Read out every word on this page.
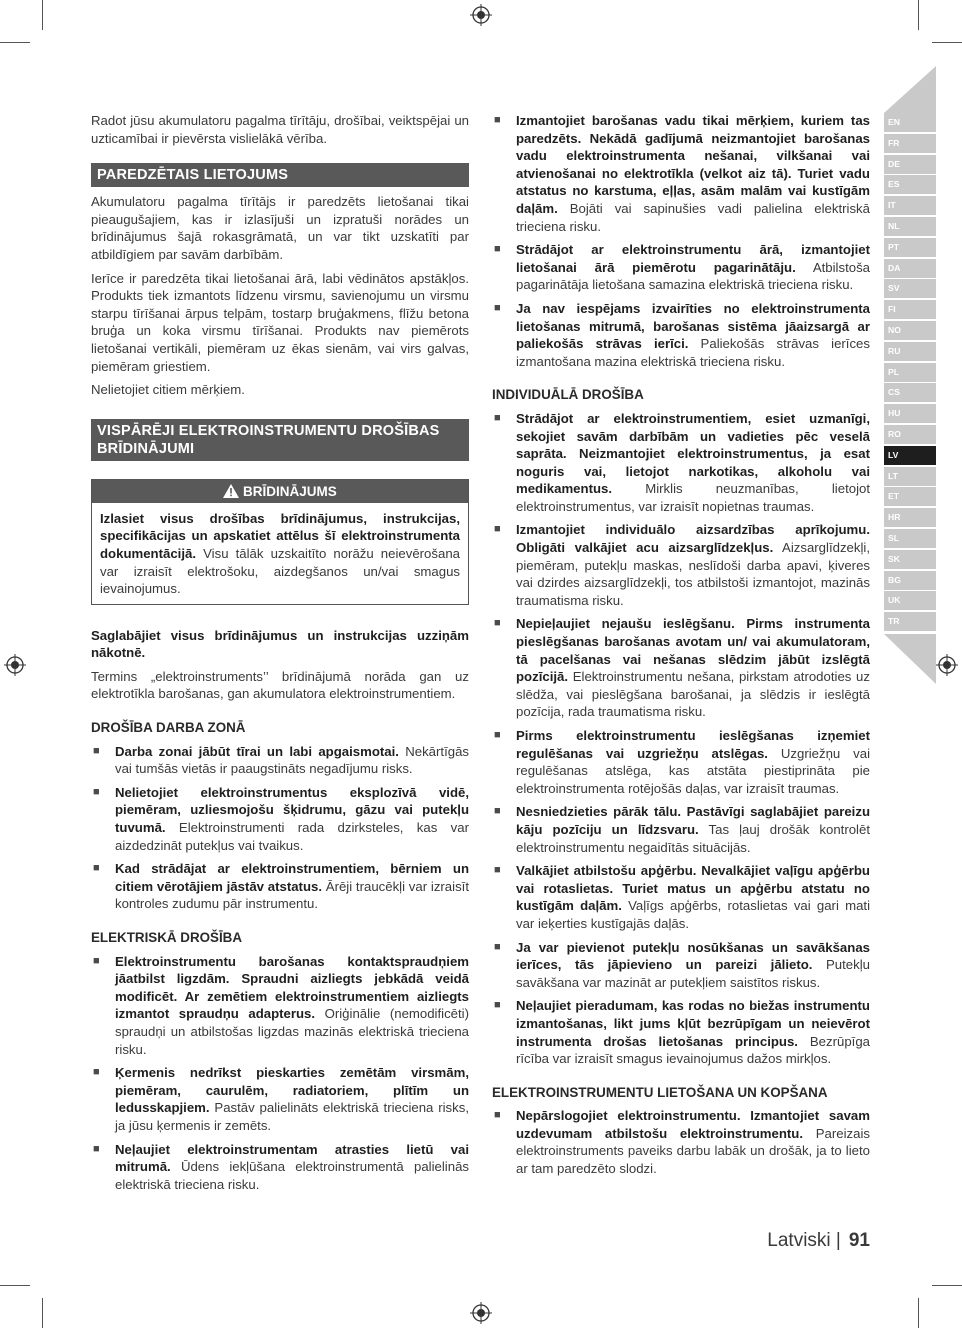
EN
FR
DE
ES
IT
NL
PT
DA
SV
FI
NO
RU
PL
CS
HU
RO
LV
LT
ET
HR
SL
SK
BG
UK
TR

Radot jūsu akumulatoru pagalma tīrītāju, drošībai, veiktspējai un uzticamībai ir pievērsta vislielākā vērība.

PAREDZĒTAIS LIETOJUMS

Akumulatoru pagalma tīrītājs ir paredzēts lietošanai tikai pieaugušajiem, kas ir izlasījuši un izpratuši norādes un brīdinājumus šajā rokasgrāmatā, un var tikt uzskatīti par atbildīgiem par savām darbībām.

Ierīce ir paredzēta tikai lietošanai ārā, labi vēdinātos apstākļos. Produkts tiek izmantots līdzenu virsmu, savienojumu un virsmu starpu tīrīšanai ārpus telpām, tostarp bruģakmens, flīžu betona bruģa un koka virsmu tīrīšanai. Produkts nav piemērots lietošanai vertikāli, piemēram uz ēkas sienām, vai virs galvas, piemēram griestiem.

Nelietojiet citiem mērķiem.

VISPĀRĒJI ELEKTROINSTRUMENTU DROŠĪBAS BRĪDINĀJUMI
BRĪDINĀJUMS
Izlasiet visus drošības brīdinājumus, instrukcijas, specifikācijas un apskatiet attēlus šī elektroinstrumenta dokumentācijā. Visu tālāk uzskaitīto norāžu neievērošana var izraisīt elektrošoku, aizdegšanos un/vai smagus ievainojumus.

Saglabājiet visus brīdinājumus un instrukcijas uzziņām nākotnē.

Termins „elektroinstruments’’ brīdinājumā norāda gan uz elektrotīkla barošanas, gan akumulatora elektroinstrumentiem.

DROŠĪBA DARBA ZONĀ
■ Darba zonai jābūt tīrai un labi apgaismotai. Nekārtīgās vai tumšās vietās ir paaugstināts negadījumu risks.
■ Nelietojiet elektroinstrumentus eksplozīvā vidē, piemēram, uzliesmojošu šķidrumu, gāzu vai putekļu tuvumā. Elektroinstrumenti rada dzirksteles, kas var aizdedzināt putekļus vai tvaikus.
■ Kad strādājat ar elektroinstrumentiem, bērniem un citiem vērotājiem jāstāv atstatus. Ārēji traucēkļi var izraisīt kontroles zudumu pār instrumentu.
ELEKTRISKĀ DROŠĪBA
■ Elektroinstrumentu barošanas kontaktspraudņiem jāatbilst ligzdām. Spraudni aizliegts jebkādā veidā modificēt. Ar zemētiem elektroinstrumentiem aizliegts izmantot spraudņu adapterus. Oriģinālie (nemodificēti) spraudņi un atbilstošas ligzdas mazinās elektriskā trieciena risku.
■ Ķermenis nedrīkst pieskarties zemētām virsmām, piemēram, caurulēm, radiatoriem, plītīm un ledusskapjiem. Pastāv palielināts elektriskā trieciena risks, ja jūsu ķermenis ir zemēts.
■ Neļaujiet elektroinstrumentam atrasties lietū vai mitrumā. Ūdens iekļūšana elektroinstrumentā palielinās elektriskā trieciena risku.
■ Izmantojiet barošanas vadu tikai mērķiem, kuriem tas paredzēts. Nekādā gadījumā neizmantojiet barošanas vadu elektroinstrumenta nešanai, vilkšanai vai atvienošanai no elektrotīkla (velkot aiz tā). Turiet vadu atstatus no karstuma, eļļas, asām malām vai kustīgām daļām. Bojāti vai sapinušies vadi palielina elektriskā trieciena risku.
■ Strādājot ar elektroinstrumentu ārā, izmantojiet lietošanai ārā piemērotu pagarinātāju. Atbilstoša pagarinātāja lietošana samazina elektriskā trieciena risku.
■ Ja nav iespējams izvairīties no elektroinstrumenta lietošanas mitrumā, barošanas sistēma jāaizsargā ar paliekošās strāvas ierīci. Paliekošās strāvas ierīces izmantošana mazina elektriskā trieciena risku.
INDIVIDUĀLĀ DROŠĪBA
■ Strādājot ar elektroinstrumentiem, esiet uzmanīgi, sekojiet savām darbībām un vadieties pēc veselā saprāta. Neizmantojiet elektroinstrumentus, ja esat noguris vai, lietojot narkotikas, alkoholu vai medikamentus. Mirklis neuzmanības, lietojot elektroinstrumentus, var izraisīt nopietnas traumas.
■ Izmantojiet individuālo aizsardzības aprīkojumu. Obligāti valkājiet acu aizsarglīdzekļus. Aizsarglīdzekļi, piemēram, putekļu maskas, neslīdoši darba apavi, ķiveres vai dzirdes aizsarglīdzekļi, tos atbilstoši izmantojot, mazinās traumatisma risku.
■ Nepieļaujiet nejaušu ieslēgšanu. Pirms instrumenta pieslēgšanas barošanas avotam un/ vai akumulatoram, tā pacelšanas vai nešanas slēdzim jābūt izslēgtā pozīcijā. Elektroinstrumentu nešana, pirkstam atrodoties uz slēdža, vai pieslēgšana barošanai, ja slēdzis ir ieslēgtā pozīcija, rada traumatisma risku.
■ Pirms elektroinstrumentu ieslēgšanas izņemiet regulēšanas vai uzgriežņu atslēgas. Uzgriežņu vai regulēšanas atslēga, kas atstāta piestiprināta pie elektroinstrumenta rotējošās daļas, var izraisīt traumas.
■ Nesniedzieties pārāk tālu. Pastāvīgi saglabājiet pareizu kāju pozīciju un līdzsvaru. Tas ļauj drošāk kontrolēt elektroinstrumentu negaidītās situācijās.
■ Valkājiet atbilstošu apģērbu. Nevalkājiet vaļīgu apģērbu vai rotaslietas. Turiet matus un apģērbu atstatu no kustīgām daļām. Vaļīgs apģērbs, rotaslietas vai gari mati var ieķerties kustīgajās daļās.
■ Ja var pievienot putekļu nosūkšanas un savākšanas ierīces, tās jāpievieno un pareizi jālieto. Putekļu savākšana var mazināt ar putekļiem saistītos riskus.
■ Neļaujiet pieradumam, kas rodas no biežas instrumentu izmantošanas, likt jums kļūt bezrūpīgam un neievērot instrumenta drošas lietošanas principus. Bezrūpīga rīcība var izraisīt smagus ievainojumus dažos mirkļos.
ELEKTROINSTRUMENTU LIETOŠANA UN KOPŠANA
■ Nepārslogojiet elektroinstrumentu. Izmantojiet savam uzdevumam atbilstošu elektroinstrumentu. Pareizais elektroinstruments paveiks darbu labāk un drošāk, ja to lieto ar tam paredzēto slodzi.
Latviski | 91
